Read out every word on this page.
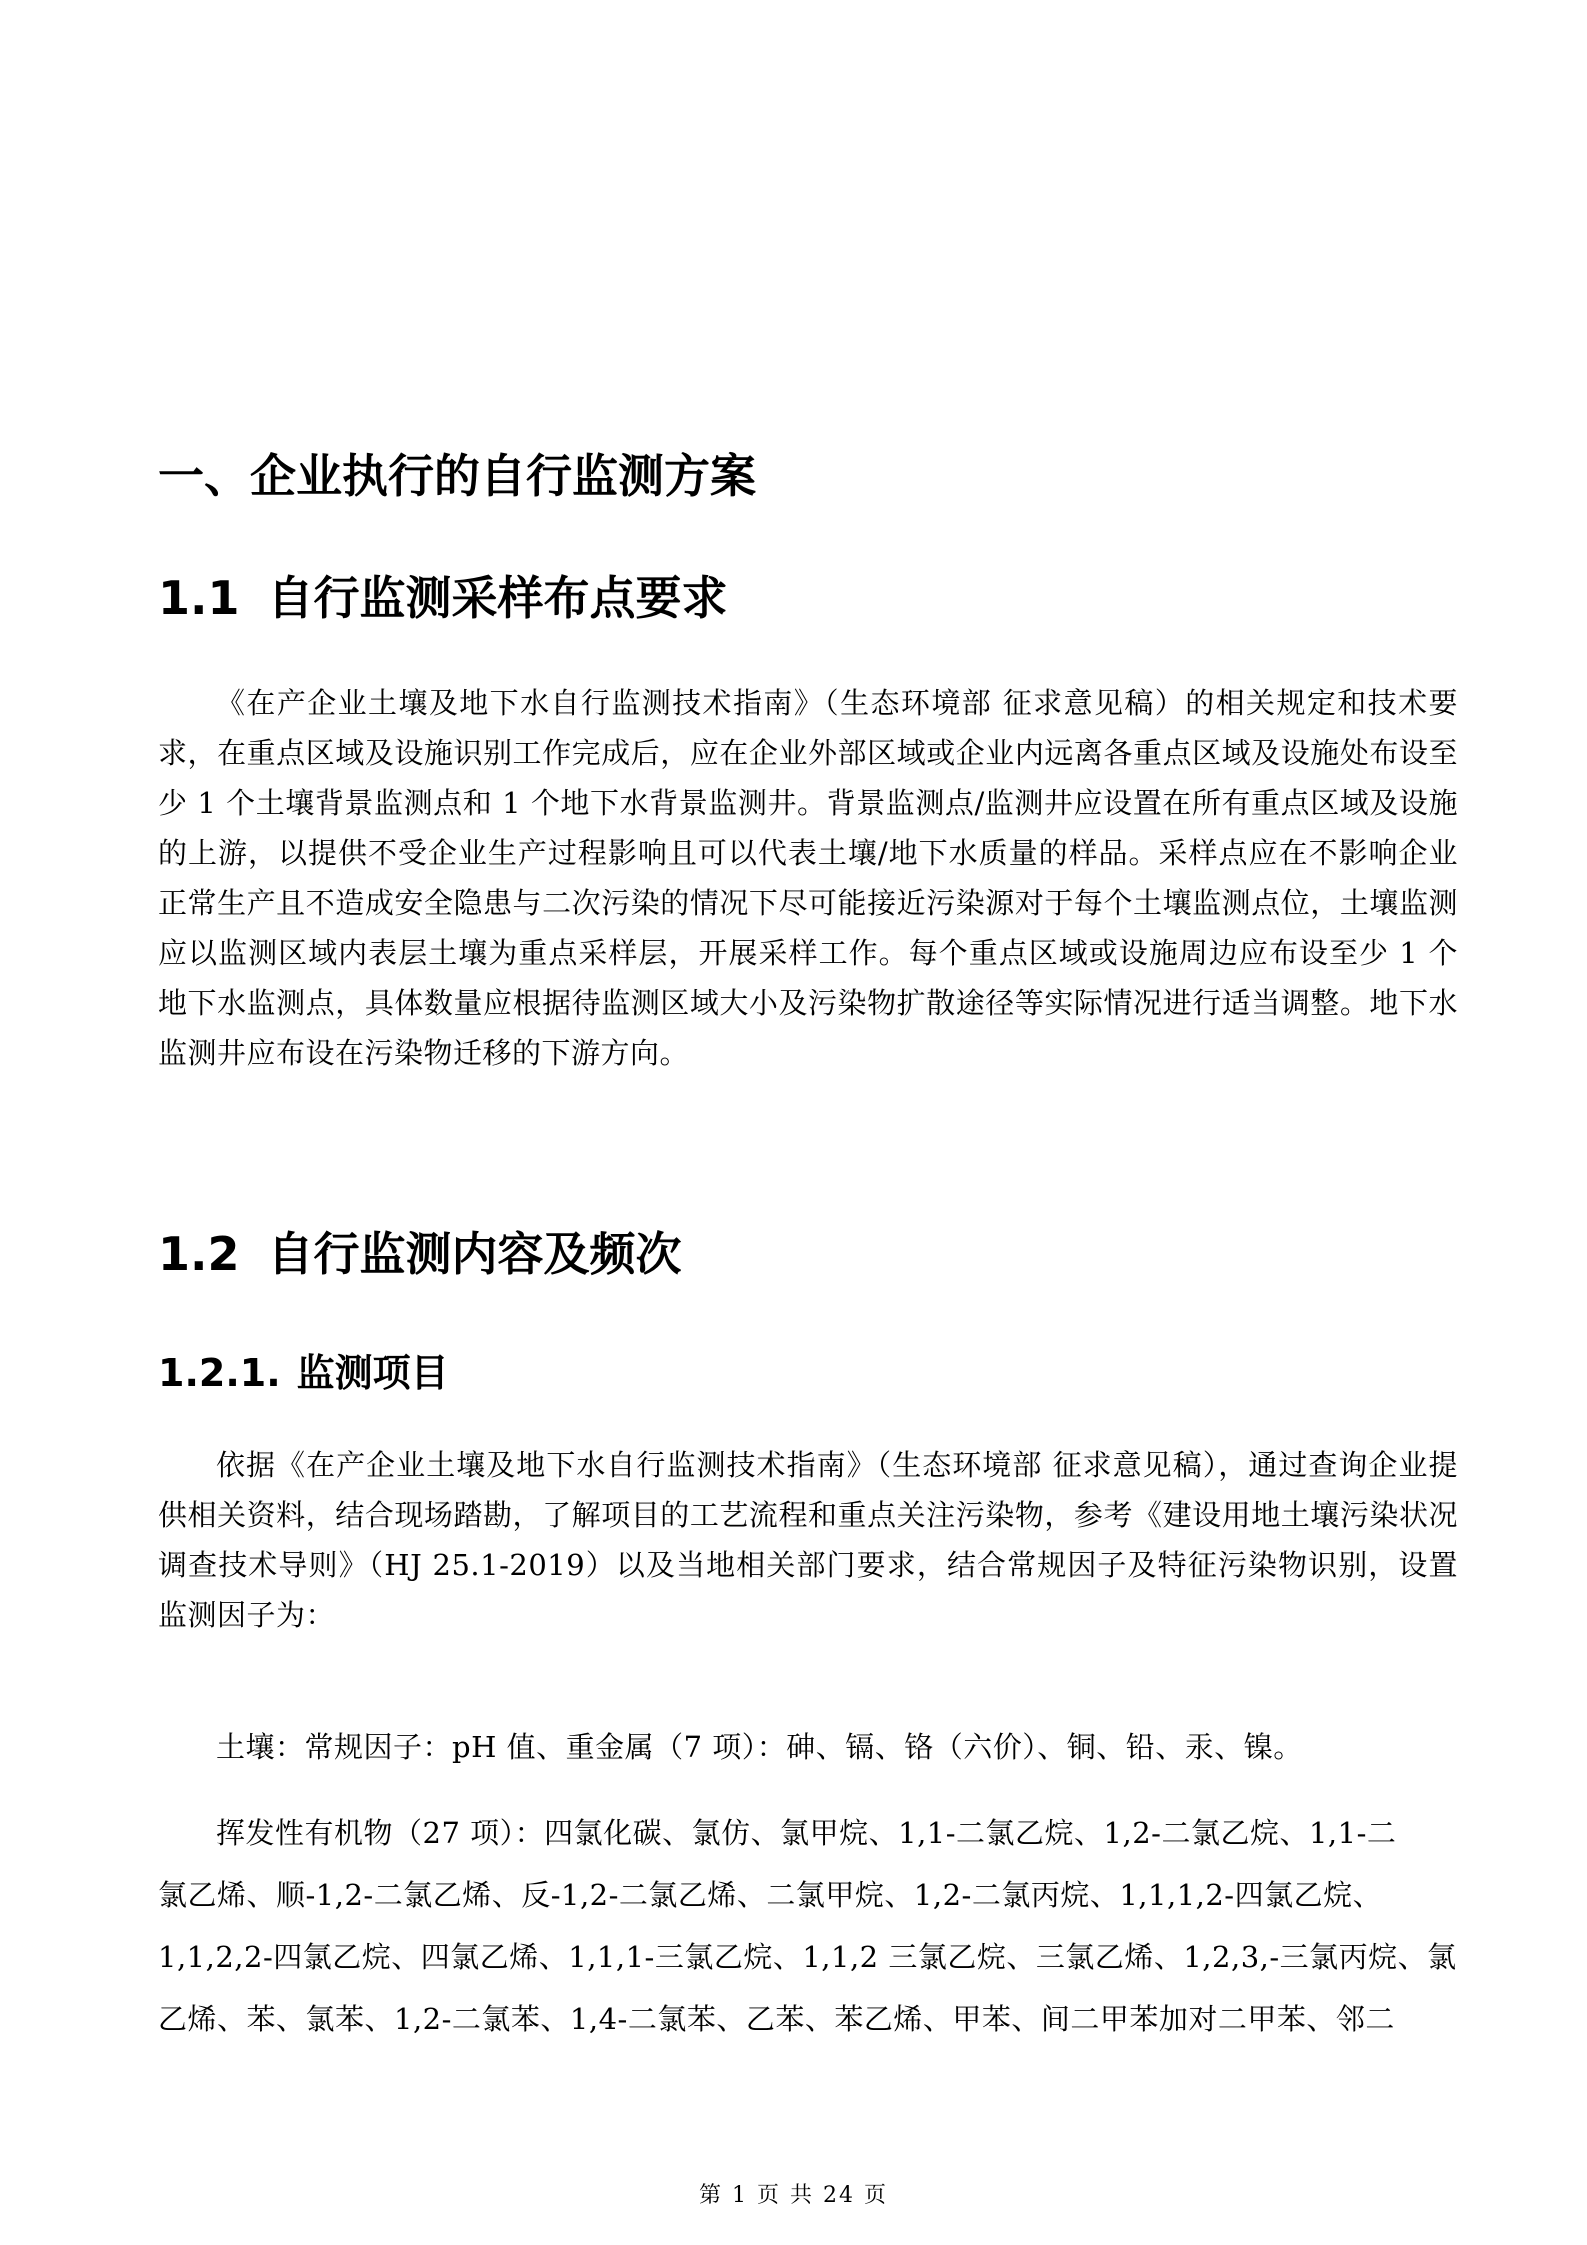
一、企业执行的自行监测方案
1.1 自行监测采样布点要求

《在产企业土壤及地下水自行监测技术指南》（生态环境部 征求意见稿）的相关规定和技术要求，在重点区域及设施识别工作完成后，应在企业外部区域或企业内远离各重点区域及设施处布设至少 1 个土壤背景监测点和 1 个地下水背景监测井。背景监测点/监测井应设置在所有重点区域及设施的上游，以提供不受企业生产过程影响且可以代表土壤/地下水质量的样品。采样点应在不影响企业正常生产且不造成安全隐患与二次污染的情况下尽可能接近污染源对于每个土壤监测点位，土壤监测应以监测区域内表层土壤为重点采样层，开展采样工作。每个重点区域或设施周边应布设至少 1 个地下水监测点，具体数量应根据待监测区域大小及污染物扩散途径等实际情况进行适当调整。地下水监测井应布设在污染物迁移的下游方向。

1.2 自行监测内容及频次
1.2.1. 监测项目

依据《在产企业土壤及地下水自行监测技术指南》（生态环境部 征求意见稿），通过查询企业提供相关资料，结合现场踏勘，了解项目的工艺流程和重点关注污染物，参考《建设用地土壤污染状况调查技术导则》（HJ 25.1-2019）以及当地相关部门要求，结合常规因子及特征污染物识别，设置监测因子为：

土壤：常规因子：pH 值、重金属（7 项）：砷、镉、铬（六价）、铜、铅、汞、镍。

挥发性有机物（27 项）：四氯化碳、氯仿、氯甲烷、1,1-二氯乙烷、1,2-二氯乙烷、1,1-二

氯乙烯、顺-1,2-二氯乙烯、反-1,2-二氯乙烯、二氯甲烷、1,2-二氯丙烷、1,1,1,2-四氯乙烷、

1,1,2,2-四氯乙烷、四氯乙烯、1,1,1-三氯乙烷、1,1,2 三氯乙烷、三氯乙烯、1,2,3,-三氯丙烷、氯

乙烯、苯、氯苯、1,2-二氯苯、1,4-二氯苯、乙苯、苯乙烯、甲苯、间二甲苯加对二甲苯、邻二

第 1 页 共 24 页
